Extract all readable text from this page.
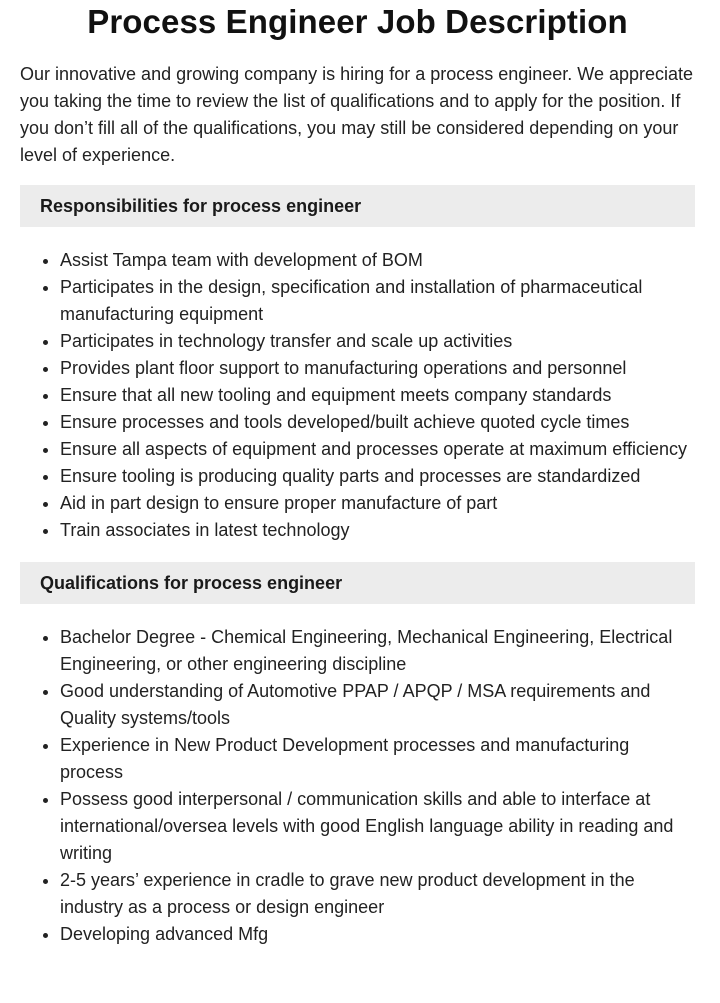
Process Engineer Job Description

Our innovative and growing company is hiring for a process engineer. We appreciate you taking the time to review the list of qualifications and to apply for the position. If you don’t fill all of the qualifications, you may still be considered depending on your level of experience.

Responsibilities for process engineer
• Assist Tampa team with development of BOM
• Participates in the design, specification and installation of pharmaceutical manufacturing equipment
• Participates in technology transfer and scale up activities
• Provides plant floor support to manufacturing operations and personnel
• Ensure that all new tooling and equipment meets company standards
• Ensure processes and tools developed/built achieve quoted cycle times
• Ensure all aspects of equipment and processes operate at maximum efficiency
• Ensure tooling is producing quality parts and processes are standardized
• Aid in part design to ensure proper manufacture of part
• Train associates in latest technology
Qualifications for process engineer
• Bachelor Degree - Chemical Engineering, Mechanical Engineering, Electrical Engineering, or other engineering discipline
• Good understanding of Automotive PPAP / APQP / MSA requirements and Quality systems/tools
• Experience in New Product Development processes and manufacturing process
• Possess good interpersonal / communication skills and able to interface at international/oversea levels with good English language ability in reading and writing
• 2-5 years’ experience in cradle to grave new product development in the industry as a process or design engineer
• Developing advanced Mfg
